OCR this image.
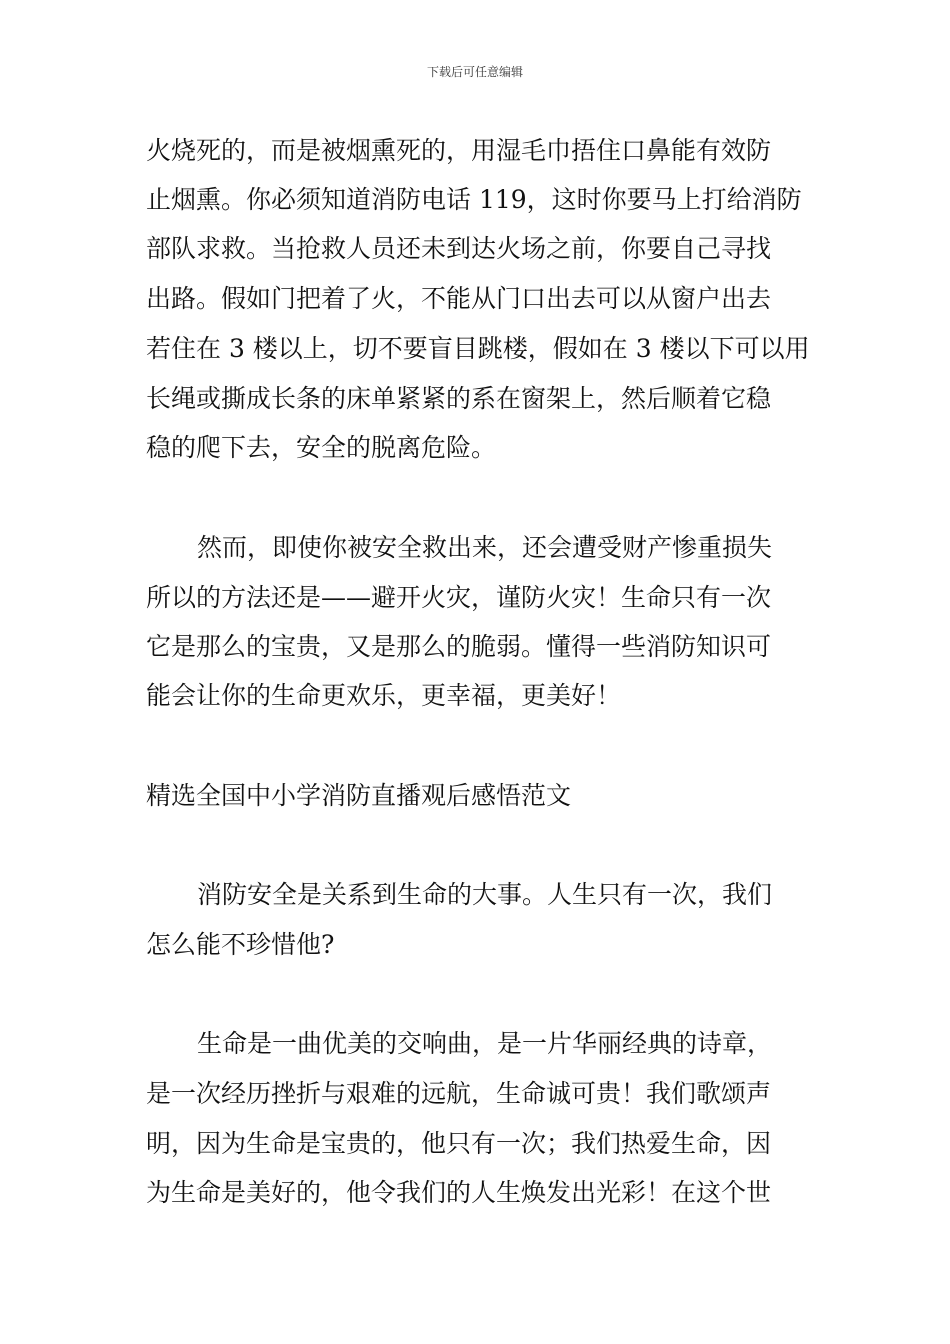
下载后可任意编辑
火烧死的，而是被烟熏死的，用湿毛巾捂住口鼻能有效防
止烟熏。你必须知道消防电话 119，这时你要马上打给消防
部队求救。当抢救人员还未到达火场之前，你要自己寻找
出路。假如门把着了火，不能从门口出去可以从窗户出去
若住在 3 楼以上，切不要盲目跳楼，假如在 3 楼以下可以用
长绳或撕成长条的床单紧紧的系在窗架上，然后顺着它稳
稳的爬下去，安全的脱离危险。
然而，即使你被安全救出来，还会遭受财产惨重损失
所以的方法还是——避开火灾，谨防火灾！生命只有一次
它是那么的宝贵，又是那么的脆弱。懂得一些消防知识可
能会让你的生命更欢乐，更幸福，更美好！
精选全国中小学消防直播观后感悟范文
消防安全是关系到生命的大事。人生只有一次，我们
怎么能不珍惜他?
生命是一曲优美的交响曲，是一片华丽经典的诗章，
是一次经历挫折与艰难的远航，生命诚可贵！我们歌颂声
明，因为生命是宝贵的，他只有一次；我们热爱生命，因
为生命是美好的，他令我们的人生焕发出光彩！在这个世
